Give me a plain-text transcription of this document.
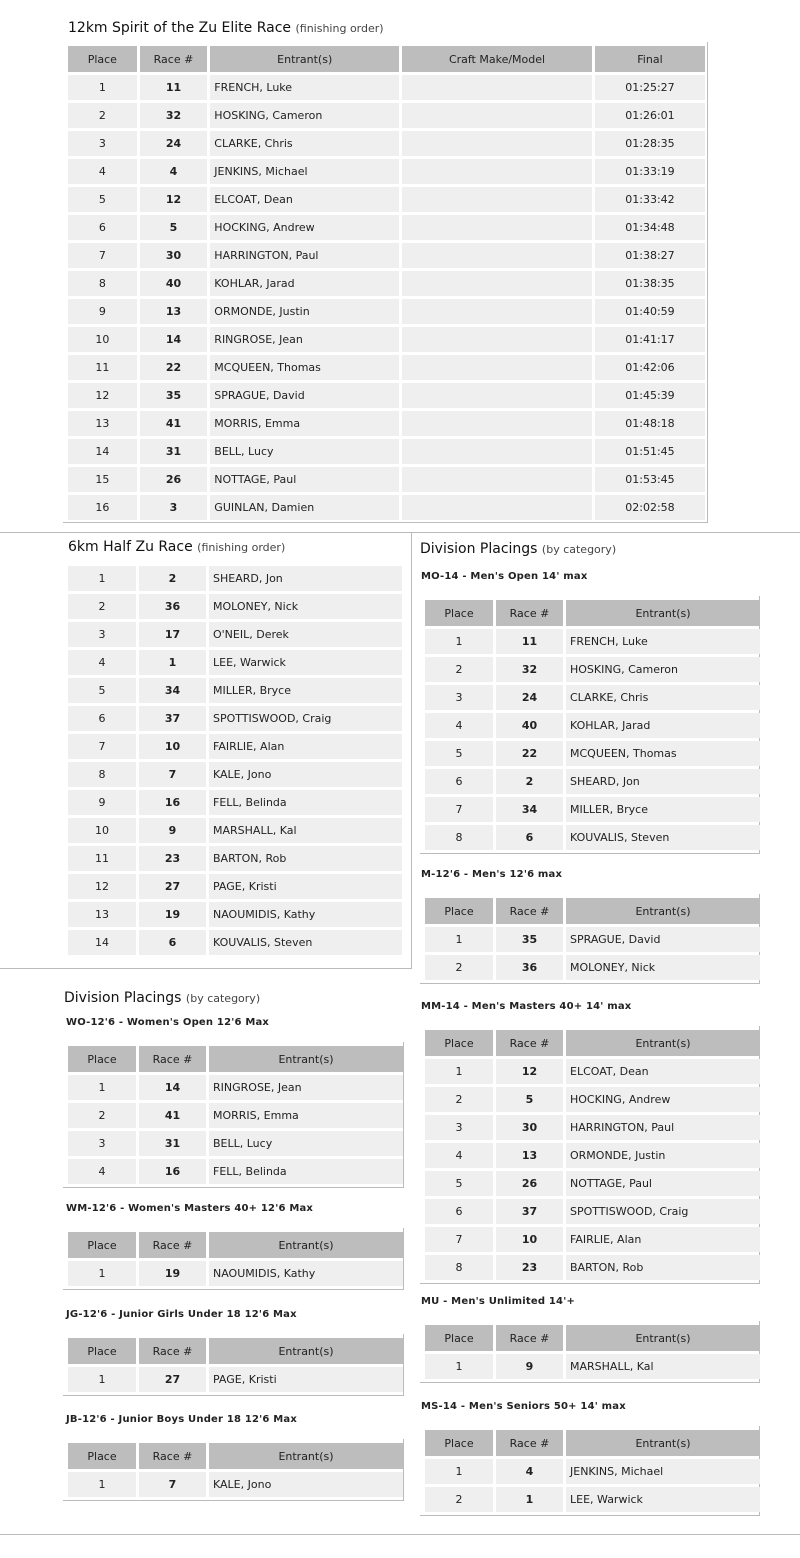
12km Spirit of the Zu Elite Race (finishing order)
Place	Race #	Entrant(s)	Craft Make/Model	Final
1	11	FRENCH, Luke		01:25:27
2	32	HOSKING, Cameron		01:26:01
3	24	CLARKE, Chris		01:28:35
4	4	JENKINS, Michael		01:33:19
5	12	ELCOAT, Dean		01:33:42
6	5	HOCKING, Andrew		01:34:48
7	30	HARRINGTON, Paul		01:38:27
8	40	KOHLAR, Jarad		01:38:35
9	13	ORMONDE, Justin		01:40:59
10	14	RINGROSE, Jean		01:41:17
11	22	MCQUEEN, Thomas		01:42:06
12	35	SPRAGUE, David		01:45:39
13	41	MORRIS, Emma		01:48:18
14	31	BELL, Lucy		01:51:45
15	26	NOTTAGE, Paul		01:53:45
16	3	GUINLAN, Damien		02:02:58
6km Half Zu Race (finishing order)
1	2	SHEARD, Jon
2	36	MOLONEY, Nick
3	17	O'NEIL, Derek
4	1	LEE, Warwick
5	34	MILLER, Bryce
6	37	SPOTTISWOOD, Craig
7	10	FAIRLIE, Alan
8	7	KALE, Jono
9	16	FELL, Belinda
10	9	MARSHALL, Kal
11	23	BARTON, Rob
12	27	PAGE, Kristi
13	19	NAOUMIDIS, Kathy
14	6	KOUVALIS, Steven
Division Placings (by category)
Division Placings (by category)
WO-12'6 - Women's Open 12'6 Max
Place	Race #	Entrant(s)
1	14	RINGROSE, Jean
2	41	MORRIS, Emma
3	31	BELL, Lucy
4	16	FELL, Belinda
WM-12'6 - Women's Masters 40+ 12'6 Max
Place	Race #	Entrant(s)
1	19	NAOUMIDIS, Kathy
JG-12'6 - Junior Girls Under 18 12'6 Max
Place	Race #	Entrant(s)
1	27	PAGE, Kristi
JB-12'6 - Junior Boys Under 18 12'6 Max
Place	Race #	Entrant(s)
1	7	KALE, Jono
MO-14 - Men's Open 14' max
Place	Race #	Entrant(s)
1	11	FRENCH, Luke
2	32	HOSKING, Cameron
3	24	CLARKE, Chris
4	40	KOHLAR, Jarad
5	22	MCQUEEN, Thomas
6	2	SHEARD, Jon
7	34	MILLER, Bryce
8	6	KOUVALIS, Steven
M-12'6 - Men's 12'6 max
Place	Race #	Entrant(s)
1	35	SPRAGUE, David
2	36	MOLONEY, Nick
MM-14 - Men's Masters 40+ 14' max
Place	Race #	Entrant(s)
1	12	ELCOAT, Dean
2	5	HOCKING, Andrew
3	30	HARRINGTON, Paul
4	13	ORMONDE, Justin
5	26	NOTTAGE, Paul
6	37	SPOTTISWOOD, Craig
7	10	FAIRLIE, Alan
8	23	BARTON, Rob
MU - Men's Unlimited 14'+
Place	Race #	Entrant(s)
1	9	MARSHALL, Kal
MS-14 - Men's Seniors 50+ 14' max
Place	Race #	Entrant(s)
1	4	JENKINS, Michael
2	1	LEE, Warwick
